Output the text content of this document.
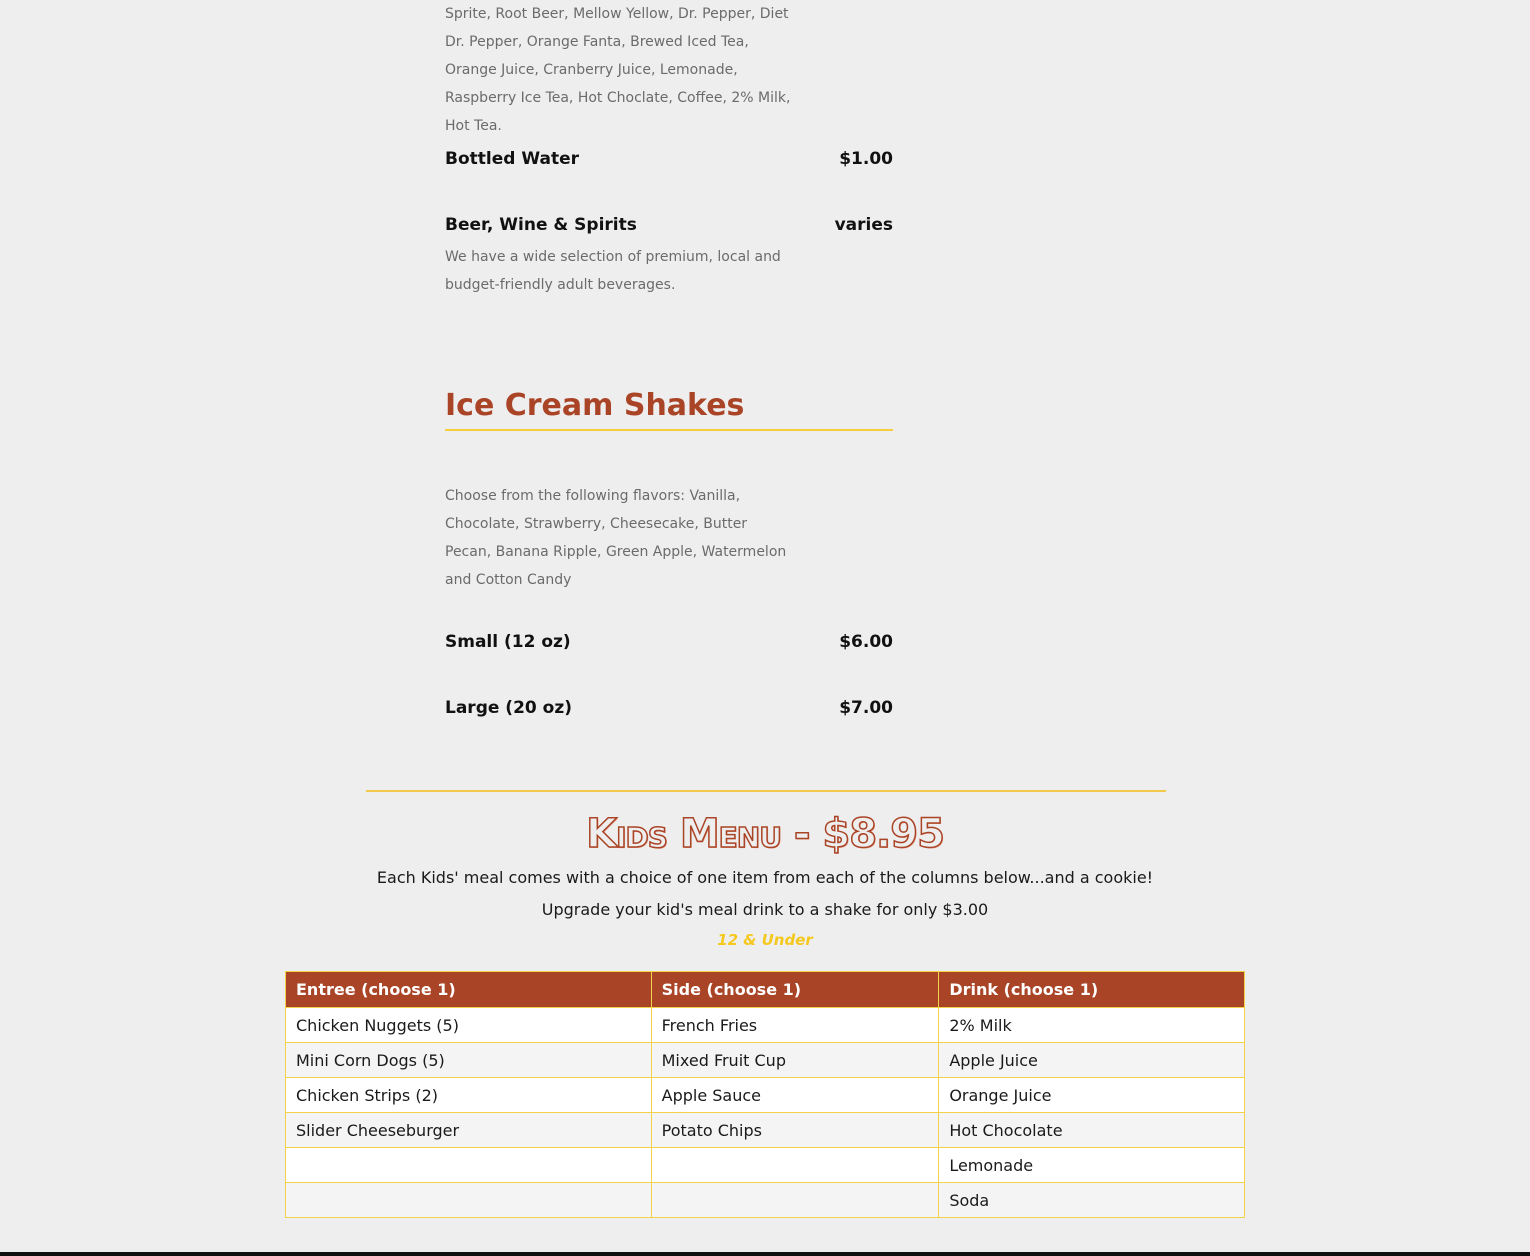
Sprite, Root Beer, Mellow Yellow, Dr. Pepper, Diet Dr. Pepper, Orange Fanta, Brewed Iced Tea, Orange Juice, Cranberry Juice, Lemonade, Raspberry Ice Tea, Hot Choclate, Coffee, 2% Milk, Hot Tea.

Bottled Water	$1.00
Beer, Wine & Spirits	varies

We have a wide selection of premium, local and budget-friendly adult beverages.

Ice Cream Shakes

Choose from the following flavors: Vanilla, Chocolate, Strawberry, Cheesecake, Butter Pecan, Banana Ripple, Green Apple, Watermelon and Cotton Candy

Small (12 oz)	$6.00
Large (20 oz)	$7.00
Kids Menu - $8.95
Each Kids' meal comes with a choice of one item from each of the columns below...and a cookie!
Upgrade your kid's meal drink to a shake for only $3.00
12 & Under
Entree (choose 1)	Side (choose 1)	Drink (choose 1)
Chicken Nuggets (5)	French Fries	2% Milk
Mini Corn Dogs (5)	Mixed Fruit Cup	Apple Juice
Chicken Strips (2)	Apple Sauce	Orange Juice
Slider Cheeseburger	Potato Chips	Hot Chocolate
		Lemonade
		Soda
